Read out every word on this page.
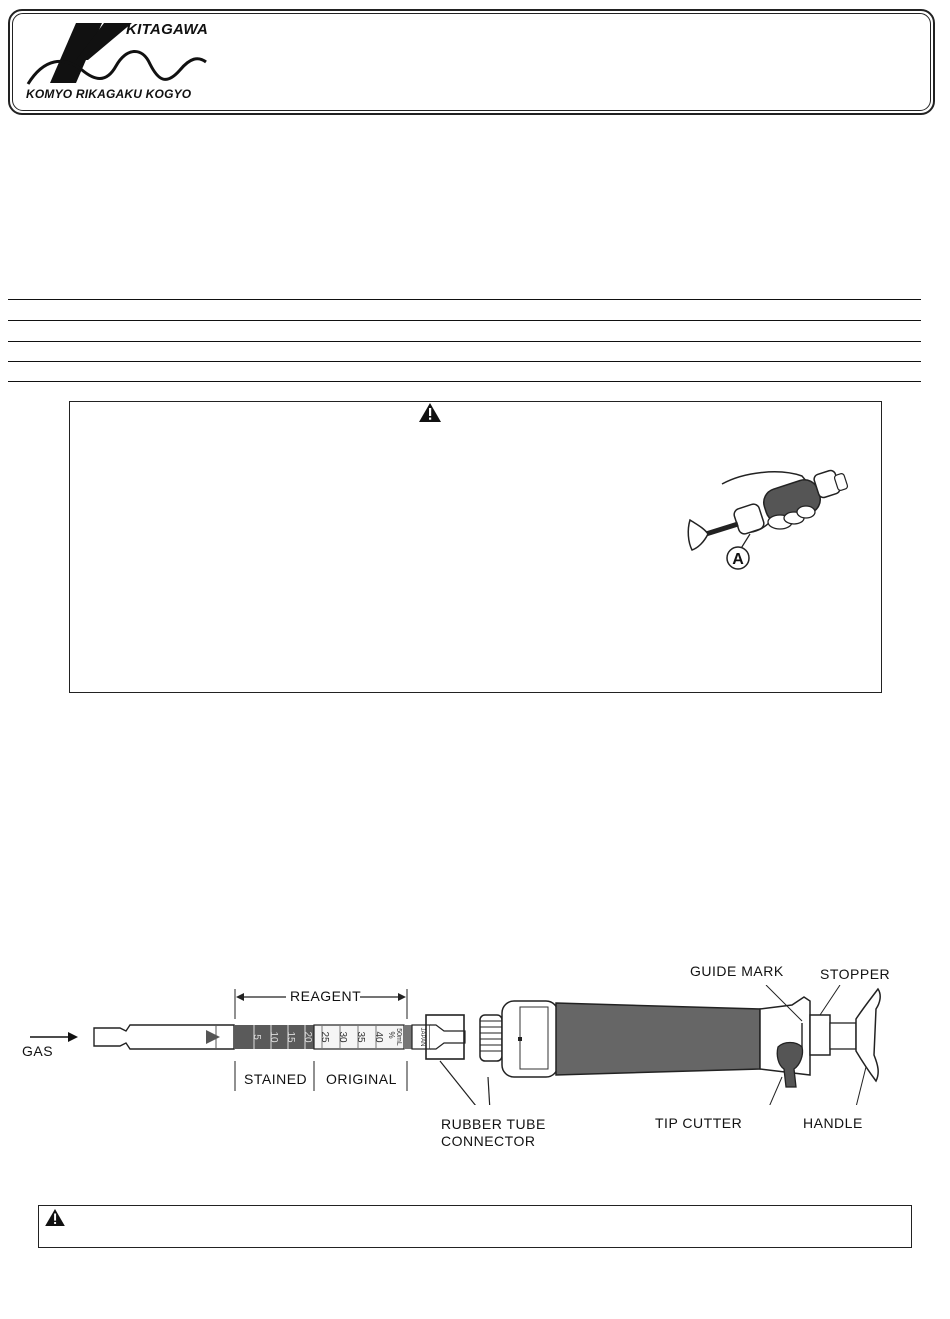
KITAGAWA
KOMYO RIKAGAKU KOGYO
A
5 10 15 20 25 30 35 40 % 50mL	JAPAN
GAS
REAGENT
STAINED ORIGINAL
RUBBER TUBE
CONNECTOR
GUIDE MARK	STOPPER
TIP CUTTER	HANDLE
